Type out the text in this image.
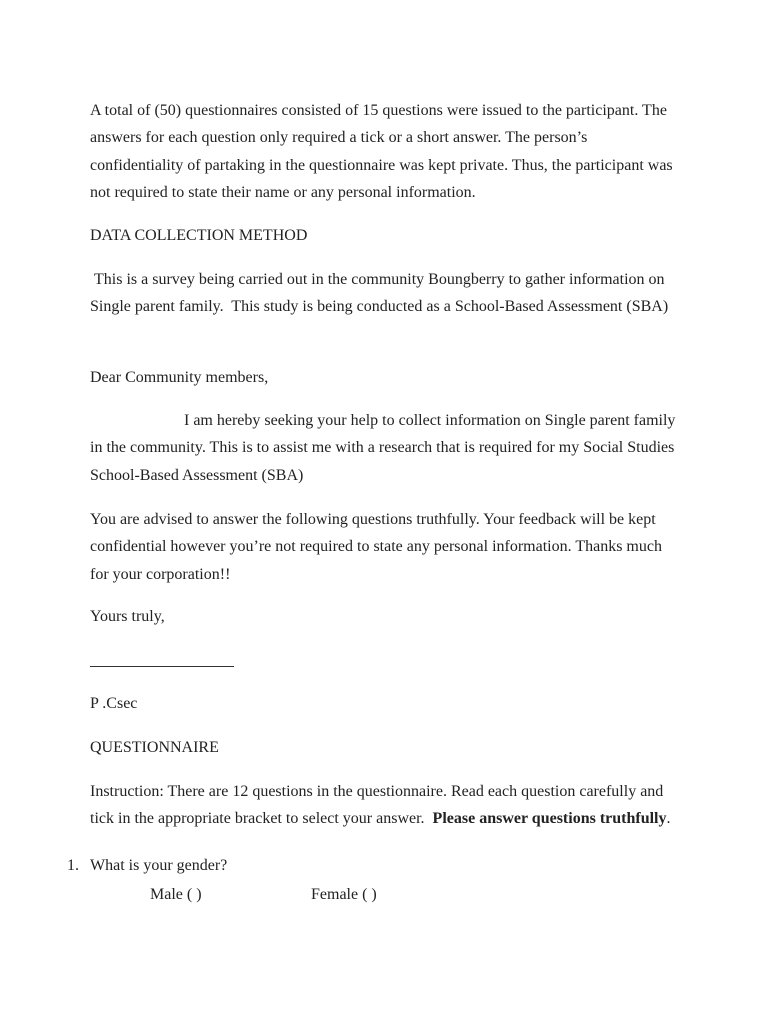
A total of (50) questionnaires consisted of 15 questions were issued to the participant. The answers for each question only required a tick or a short answer. The person’s confidentiality of partaking in the questionnaire was kept private. Thus, the participant was not required to state their name or any personal information.

DATA COLLECTION METHOD

This is a survey being carried out in the community Boungberry to gather information on Single parent family.  This study is being conducted as a School-Based Assessment (SBA)

Dear Community members,

I am hereby seeking your help to collect information on Single parent family in the community. This is to assist me with a research that is required for my Social Studies School-Based Assessment (SBA)

You are advised to answer the following questions truthfully. Your feedback will be kept confidential however you’re not required to state any personal information. Thanks much for your corporation!!

Yours truly,

P .Csec

QUESTIONNAIRE

Instruction: There are 12 questions in the questionnaire. Read each question carefully and tick in the appropriate bracket to select your answer.  Please answer questions truthfully.

1. What is your gender?

Male ( )	Female ( )
